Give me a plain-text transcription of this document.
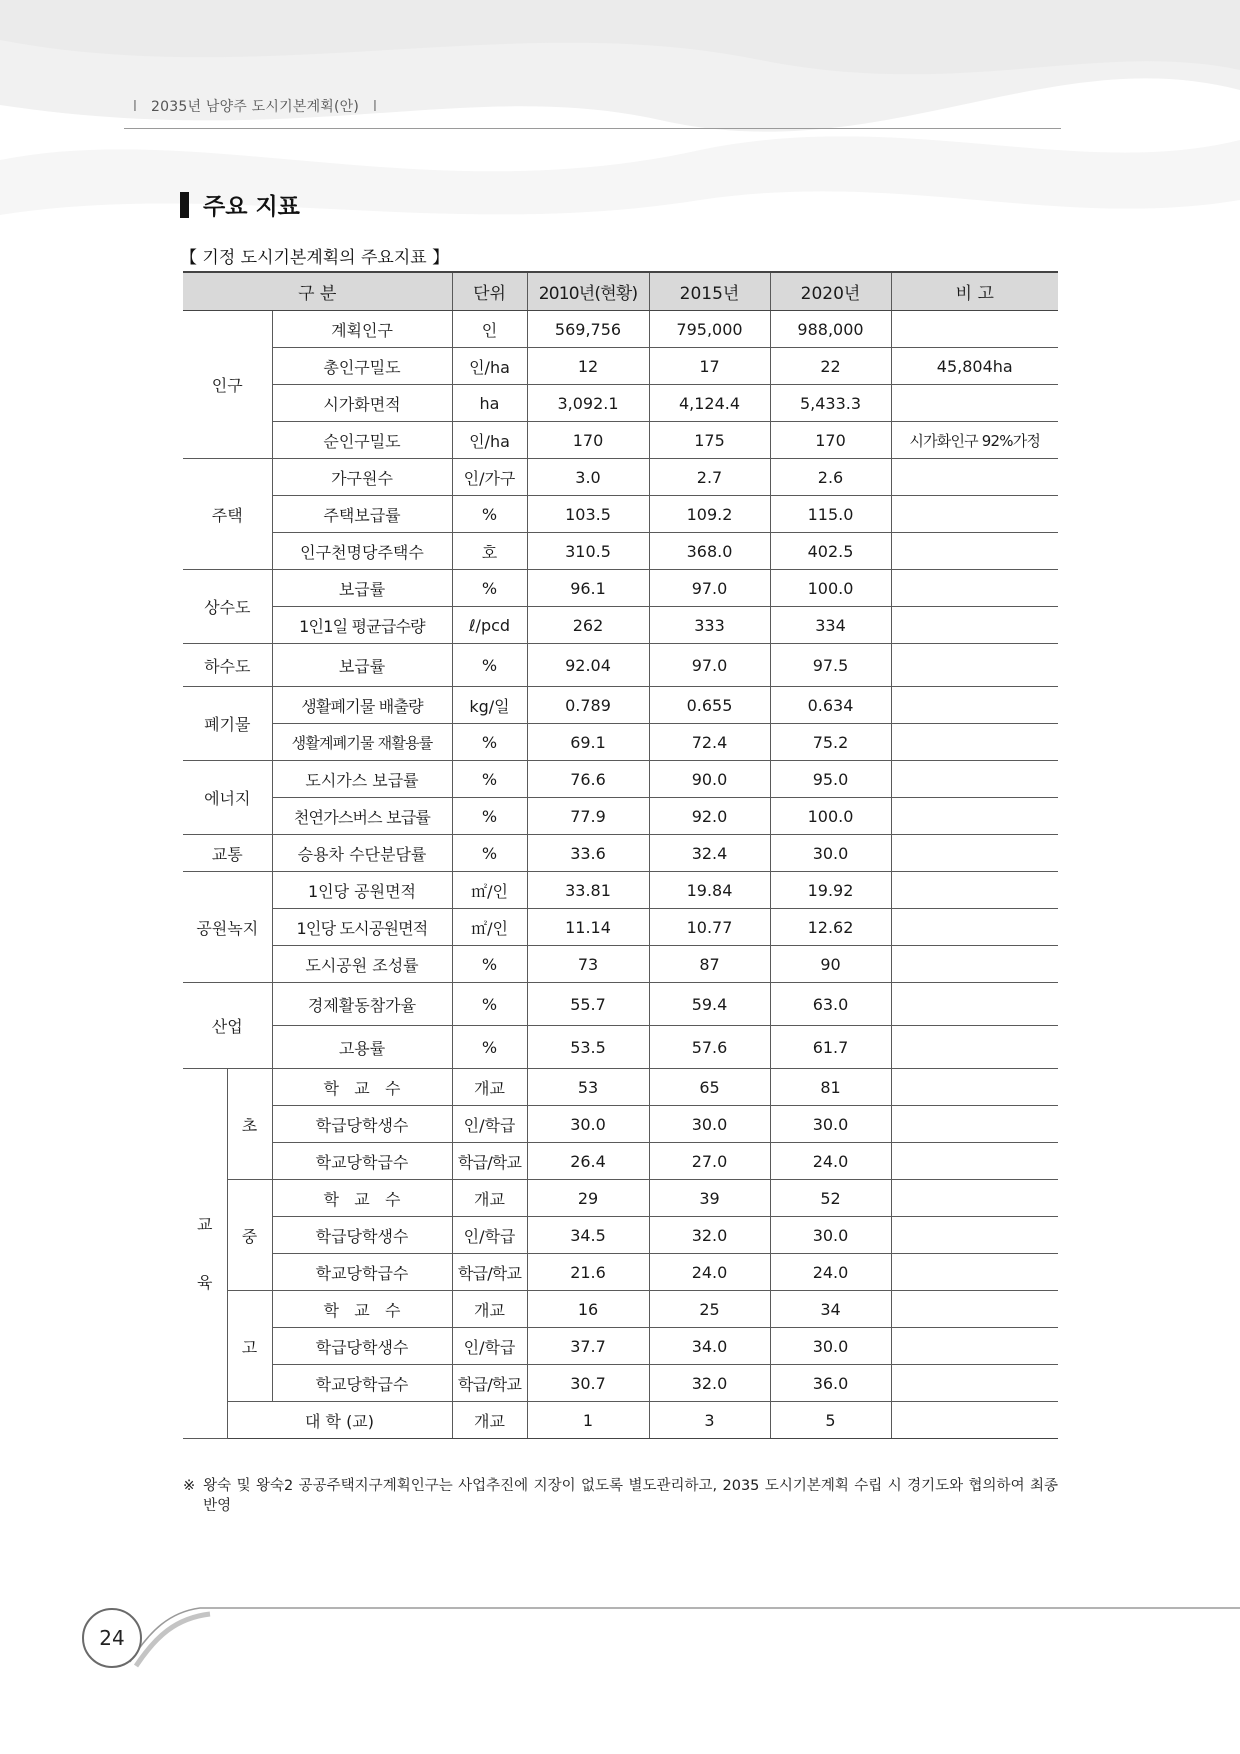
l 2035년 남양주 도시기본계획(안) l
주요 지표
【 기정 도시기본계획의 주요지표 】
구 분			단위	2010년(현황)	2015년	2020년	비 고
인구		계획인구	인	569,756	795,000	988,000	
		총인구밀도	인/ha	12	17	22	45,804ha
		시가화면적	ha	3,092.1	4,124.4	5,433.3	
		순인구밀도	인/ha	170	175	170	시가화인구 92%가정
주택		가구원수	인/가구	3.0	2.7	2.6	
		주택보급률	%	103.5	109.2	115.0	
		인구천명당주택수	호	310.5	368.0	402.5	
상수도		보급률	%	96.1	97.0	100.0	
		1인1일 평균급수량	ℓ/pcd	262	333	334	
하수도		보급률	%	92.04	97.0	97.5	
폐기물		생활폐기물 배출량	kg/일	0.789	0.655	0.634	
		생활계폐기물 재활용률	%	69.1	72.4	75.2	
에너지		도시가스 보급률	%	76.6	90.0	95.0	
		천연가스버스 보급률	%	77.9	92.0	100.0	
교통		승용차 수단분담률	%	33.6	32.4	30.0	
공원녹지		1인당 공원면적	㎡/인	33.81	19.84	19.92	
		1인당 도시공원면적	㎡/인	11.14	10.77	12.62	
		도시공원 조성률	%	73	87	90	
산업		경제활동참가율	%	55.7	59.4	63.0	
		고용률	%	53.5	57.6	61.7	
교
육	초	학   교   수	개교	53	65	81	
		학급당학생수	인/학급	30.0	30.0	30.0	
		학교당학급수	학급/학교	26.4	27.0	24.0	
	중	학   교   수	개교	29	39	52	
		학급당학생수	인/학급	34.5	32.0	30.0	
		학교당학급수	학급/학교	21.6	24.0	24.0	
	고	학   교   수	개교	16	25	34	
		학급당학생수	인/학급	37.7	34.0	30.0	
		학교당학급수	학급/학교	30.7	32.0	36.0	
	대 학 (교)		개교	1	3	5	
※ 왕숙 및 왕숙2 공공주택지구계획인구는 사업추진에 지장이 없도록 별도관리하고, 2035 도시기본계획 수립 시 경기도와 협의하여 최종 반영
24
